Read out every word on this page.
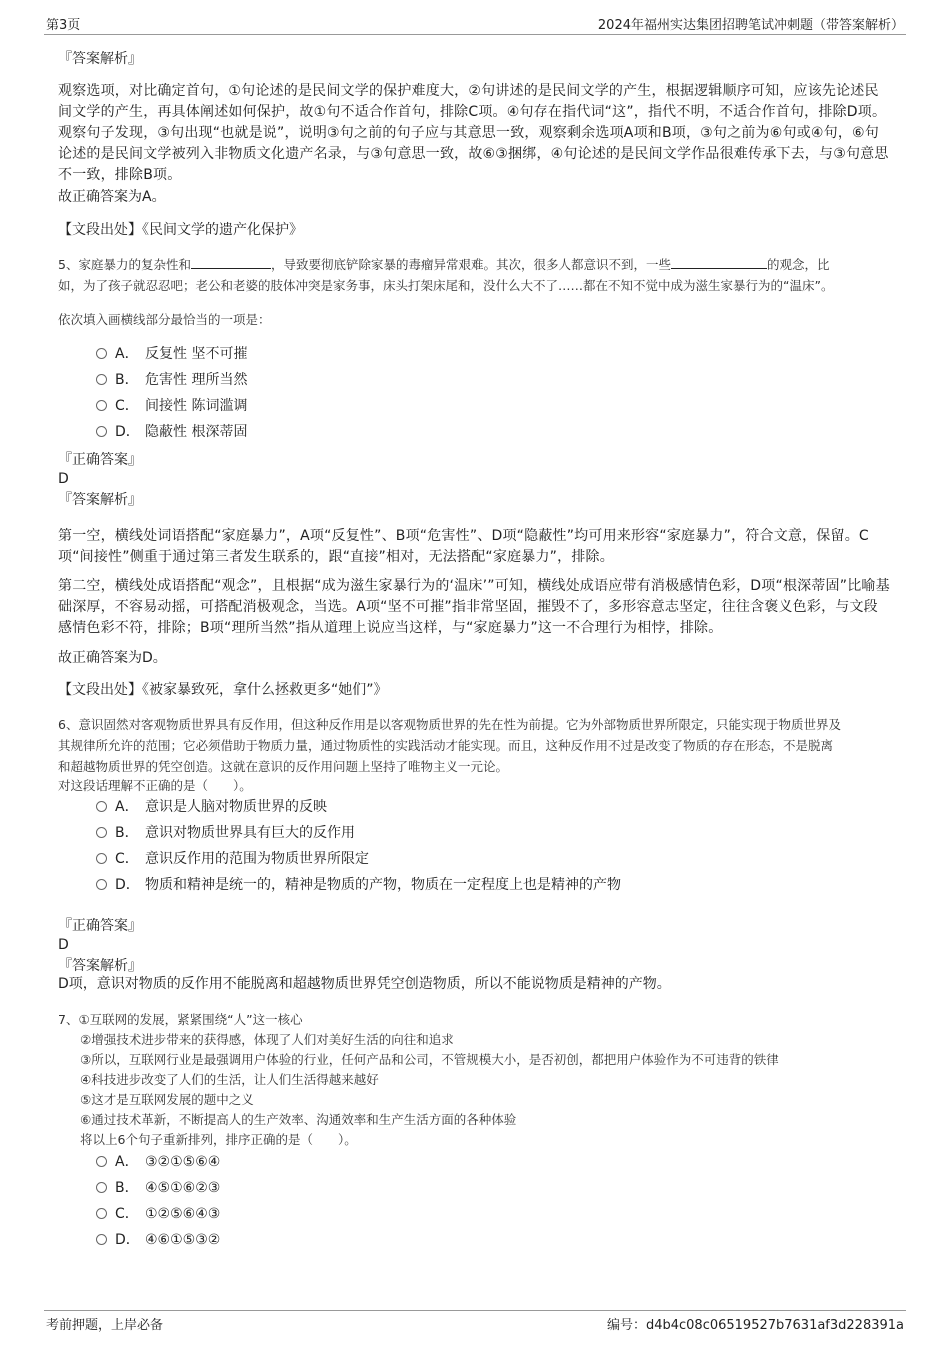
第3页	2024年福州实达集团招聘笔试冲刺题（带答案解析）
『答案解析』
观察选项，对比确定首句，①句论述的是民间文学的保护难度大，②句讲述的是民间文学的产生，根据逻辑顺序可知，应该先论述民间文学的产生，再具体阐述如何保护，故①句不适合作首句，排除C项。④句存在指代词“这”，指代不明，不适合作首句，排除D项。观察句子发现，③句出现“也就是说”，说明③句之前的句子应与其意思一致，观察剩余选项A项和B项，③句之前为⑥句或④句，⑥句论述的是民间文学被列入非物质文化遗产名录，与③句意思一致，故⑥③捆绑，④句论述的是民间文学作品很难传承下去，与③句意思不一致，排除B项。
故正确答案为A。
【文段出处】《民间文学的遗产化保护》
5、家庭暴力的复杂性和	，导致要彻底铲除家暴的毒瘤异常艰难。其次，很多人都意识不到，一些	的观念，比
如，为了孩子就忍忍吧；老公和老婆的肢体冲突是家务事，床头打架床尾和，没什么大不了……都在不知不觉中成为滋生家暴行为的“温床”。
依次填入画横线部分最恰当的一项是：
A． 反复性 坚不可摧
B． 危害性 理所当然
C． 间接性 陈词滥调
D． 隐蔽性 根深蒂固
『正确答案』
D
『答案解析』
第一空，横线处词语搭配“家庭暴力”，A项“反复性”、B项“危害性”、D项“隐蔽性”均可用来形容“家庭暴力”，符合文意，保留。C项“间接性”侧重于通过第三者发生联系的，跟“直接”相对，无法搭配“家庭暴力”，排除。
第二空，横线处成语搭配“观念”，且根据“成为滋生家暴行为的‘温床’”可知，横线处成语应带有消极感情色彩，D项“根深蒂固”比喻基础深厚，不容易动摇，可搭配消极观念，当选。A项“坚不可摧”指非常坚固，摧毁不了，多形容意志坚定，往往含褒义色彩，与文段感情色彩不符，排除；B项“理所当然”指从道理上说应当这样，与“家庭暴力”这一不合理行为相悖，排除。
故正确答案为D。
【文段出处】《被家暴致死，拿什么拯救更多“她们”》
6、意识固然对客观物质世界具有反作用，但这种反作用是以客观物质世界的先在性为前提。它为外部物质世界所限定，只能实现于物质世界及
其规律所允许的范围；它必须借助于物质力量，通过物质性的实践活动才能实现。而且，这种反作用不过是改变了物质的存在形态，不是脱离
和超越物质世界的凭空创造。这就在意识的反作用问题上坚持了唯物主义一元论。
对这段话理解不正确的是（　　）。
A． 意识是人脑对物质世界的反映
B． 意识对物质世界具有巨大的反作用
C． 意识反作用的范围为物质世界所限定
D． 物质和精神是统一的，精神是物质的产物，物质在一定程度上也是精神的产物
『正确答案』
D
『答案解析』
D项，意识对物质的反作用不能脱离和超越物质世界凭空创造物质，所以不能说物质是精神的产物。
7、①互联网的发展，紧紧围绕“人”这一核心
②增强技术进步带来的获得感，体现了人们对美好生活的向往和追求
③所以，互联网行业是最强调用户体验的行业，任何产品和公司，不管规模大小，是否初创，都把用户体验作为不可违背的铁律
④科技进步改变了人们的生活，让人们生活得越来越好
⑤这才是互联网发展的题中之义
⑥通过技术革新，不断提高人的生产效率、沟通效率和生产生活方面的各种体验
将以上6个句子重新排列，排序正确的是（　　）。
A． ③②①⑤⑥④
B． ④⑤①⑥②③
C． ①②⑤⑥④③
D． ④⑥①⑤③②
考前押题，上岸必备	编号：d4b4c08c06519527b7631af3d228391a
